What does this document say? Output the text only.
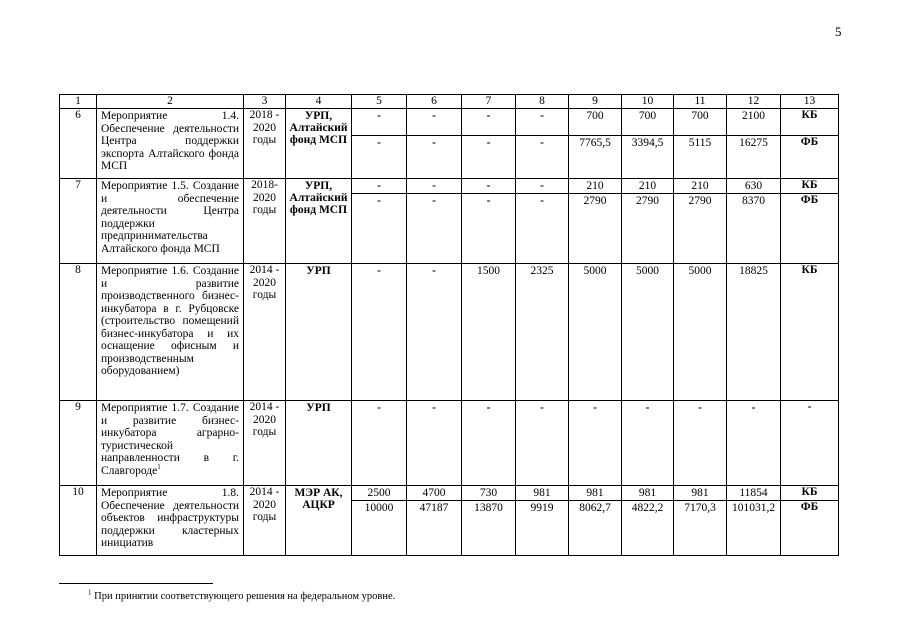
5
1	2	3	4	5	6	7	8	9	10	11	12	13
6	Мероприятие 1.4. Обеспечение деятельности Центра поддержки экспорта Алтайского фонда МСП	2018 - 2020 годы	УРП, Алтайский фонд МСП	-	-	-	-	700	700	700	2100	КБ
				-	-	-	-	7765,5	3394,5	5115	16275	ФБ
7	Мероприятие 1.5. Создание и обеспечение деятельности Центра поддержки предпринимательства Алтайского фонда МСП	2018- 2020 годы	УРП, Алтайский фонд МСП	-	-	-	-	210	210	210	630	КБ
				-	-	-	-	2790	2790	2790	8370	ФБ
8	Мероприятие 1.6. Создание и развитие производственного бизнес-инкубатора в г. Рубцовске (строительство помещений бизнес-инкубатора и их оснащение офисным и производственным оборудованием)	2014 - 2020 годы	УРП	-	-	1500	2325	5000	5000	5000	18825	КБ
9	Мероприятие 1.7. Создание и развитие бизнес-инкубатора аграрно-туристической направленности в г. Славгороде$^1$	2014 - 2020 годы	УРП	-	-	-	-	-	-	-	-	-
10	Мероприятие 1.8. Обеспечение деятельности объектов инфраструктуры поддержки кластерных инициатив	2014 - 2020 годы	МЭР АК, АЦКР	2500	4700	730	981	981	981	981	11854	КБ
				10000	47187	13870	9919	8062,7	4822,2	7170,3	101031,2	ФБ
$^1$ При принятии соответствующего решения на федеральном уровне.
